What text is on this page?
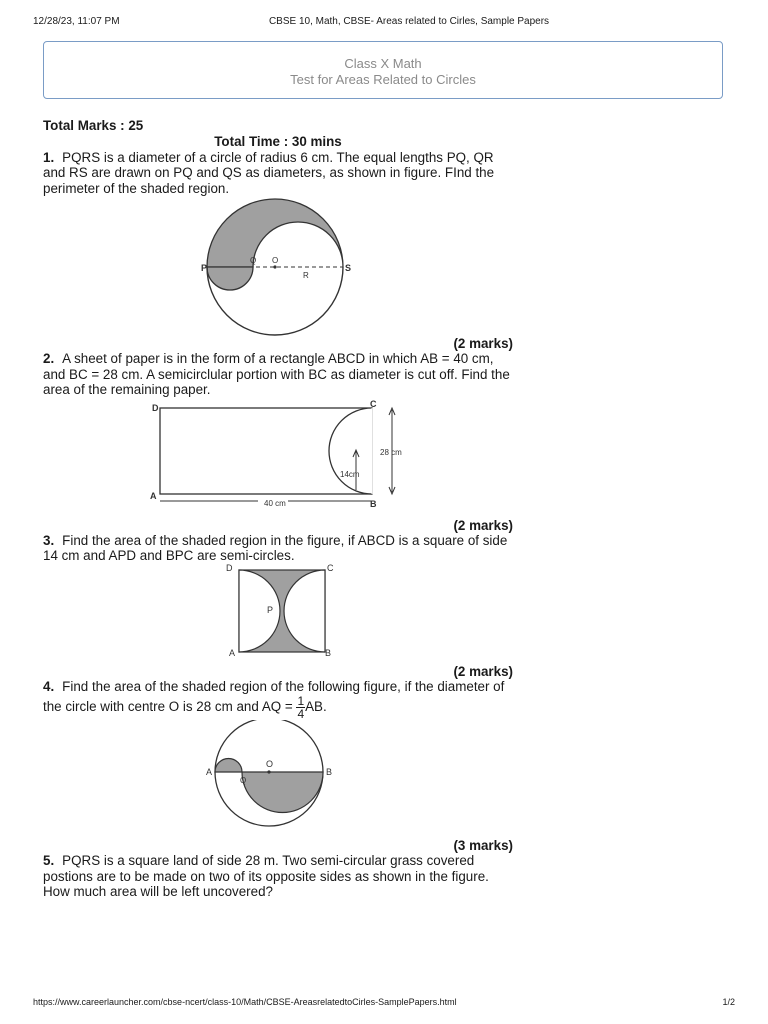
12/28/23, 11:07 PM	CBSE 10, Math, CBSE- Areas related to Cirles, Sample Papers
Class X Math
Test for Areas Related to Circles
Total Marks : 25
Total Time : 30 mins

1. PQRS is a diameter of a circle of radius 6 cm. The equal lengths PQ, QR and RS are drawn on PQ and QS as diameters, as shown in figure. FInd the perimeter of the shaded region.

P
Q O
R
S
(2 marks)

2. A sheet of paper is in the form of a rectangle ABCD in which AB = 40 cm, and BC = 28 cm. A semicirclular portion with BC as diameter is cut off. Find the area of the remaining paper.

D	C
A
B
28 cm
14cm
40 cm
(2 marks)

3. Find the area of the shaded region in the figure, if ABCD is a square of side 14 cm and APD and BPC are semi-circles.

D	C
P
A	B
(2 marks)

4. Find the area of the shaded region of the following figure, if the diameter of the circle with centre O is 28 cm and AQ = $\frac{1}{4}$ AB.

A
Q
O
B
(3 marks)

5. PQRS is a square land of side 28 m. Two semi-circular grass covered postions are to be made on two of its opposite sides as shown in the figure. How much area will be left uncovered?

https://www.careerlauncher.com/cbse-ncert/class-10/Math/CBSE-AreasrelatedtoCirles-SamplePapers.html	1/2
